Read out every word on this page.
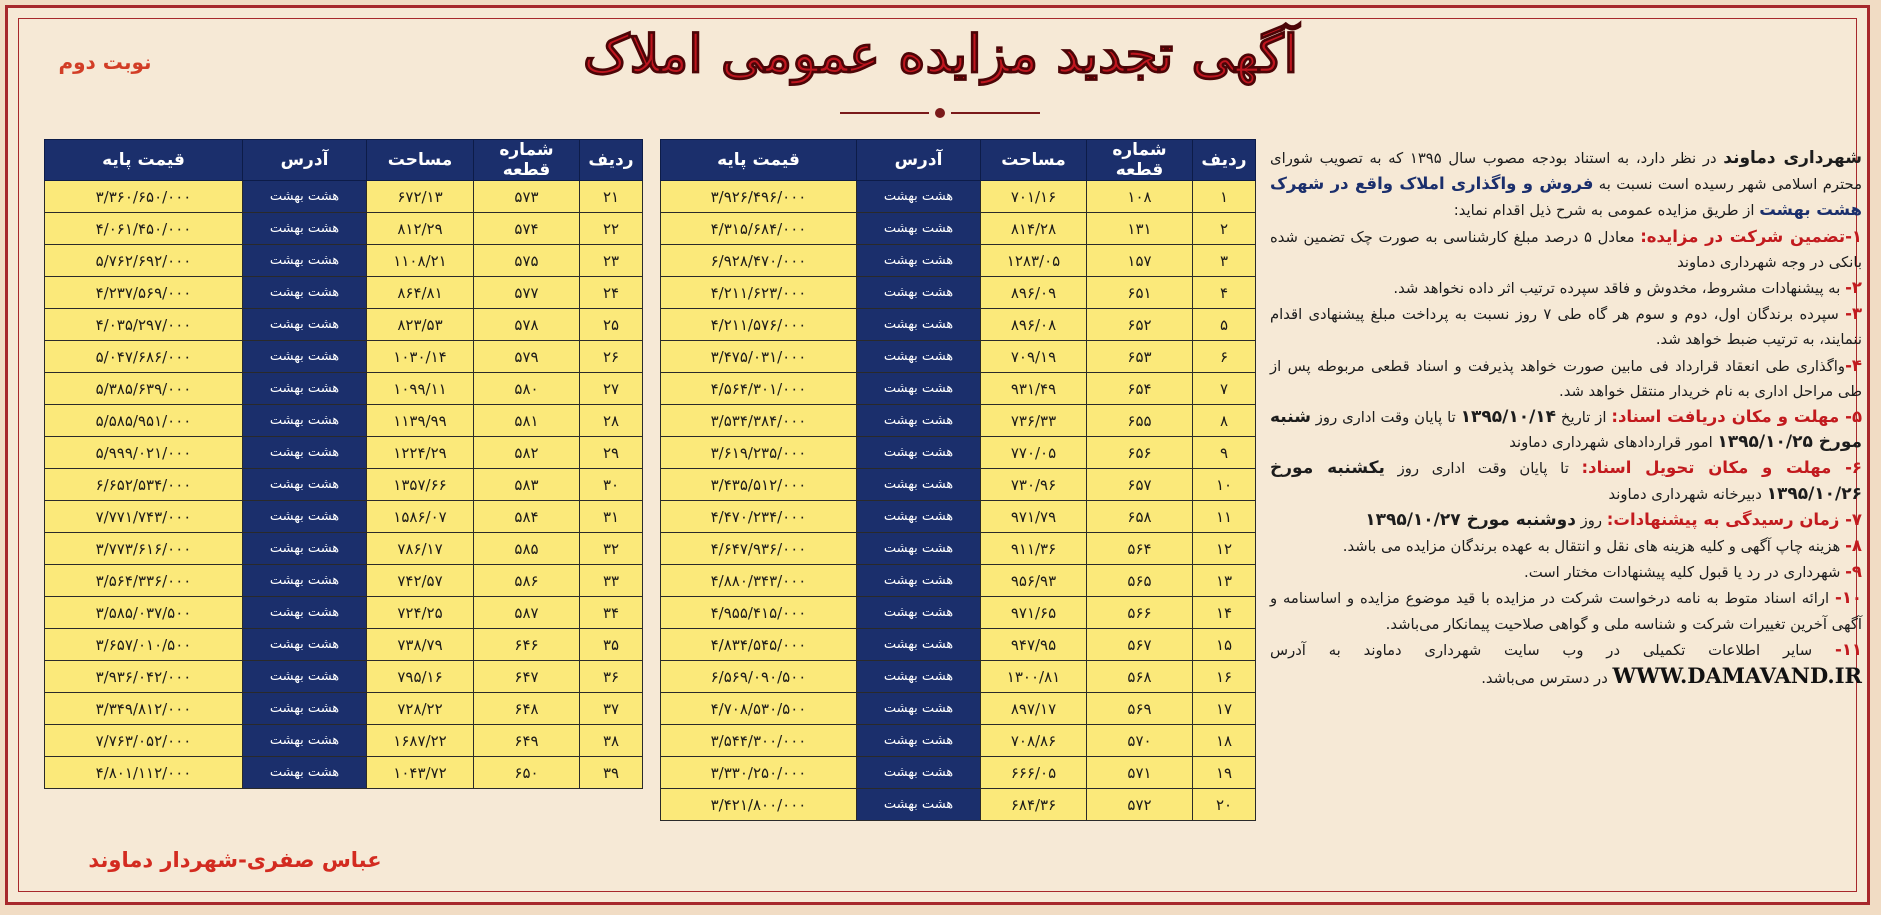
آگهی تجدید مزایده عمومی املاک
نوبت دوم
ردیف	شماره قطعه	مساحت	آدرس	قیمت پایه
۱	۱۰۸	۷۰۱/۱۶	هشت بهشت	۳/۹۲۶/۴۹۶/۰۰۰
۲	۱۳۱	۸۱۴/۲۸	هشت بهشت	۴/۳۱۵/۶۸۴/۰۰۰
۳	۱۵۷	۱۲۸۳/۰۵	هشت بهشت	۶/۹۲۸/۴۷۰/۰۰۰
۴	۶۵۱	۸۹۶/۰۹	هشت بهشت	۴/۲۱۱/۶۲۳/۰۰۰
۵	۶۵۲	۸۹۶/۰۸	هشت بهشت	۴/۲۱۱/۵۷۶/۰۰۰
۶	۶۵۳	۷۰۹/۱۹	هشت بهشت	۳/۴۷۵/۰۳۱/۰۰۰
۷	۶۵۴	۹۳۱/۴۹	هشت بهشت	۴/۵۶۴/۳۰۱/۰۰۰
۸	۶۵۵	۷۳۶/۳۳	هشت بهشت	۳/۵۳۴/۳۸۴/۰۰۰
۹	۶۵۶	۷۷۰/۰۵	هشت بهشت	۳/۶۱۹/۲۳۵/۰۰۰
۱۰	۶۵۷	۷۳۰/۹۶	هشت بهشت	۳/۴۳۵/۵۱۲/۰۰۰
۱۱	۶۵۸	۹۷۱/۷۹	هشت بهشت	۴/۴۷۰/۲۳۴/۰۰۰
۱۲	۵۶۴	۹۱۱/۳۶	هشت بهشت	۴/۶۴۷/۹۳۶/۰۰۰
۱۳	۵۶۵	۹۵۶/۹۳	هشت بهشت	۴/۸۸۰/۳۴۳/۰۰۰
۱۴	۵۶۶	۹۷۱/۶۵	هشت بهشت	۴/۹۵۵/۴۱۵/۰۰۰
۱۵	۵۶۷	۹۴۷/۹۵	هشت بهشت	۴/۸۳۴/۵۴۵/۰۰۰
۱۶	۵۶۸	۱۳۰۰/۸۱	هشت بهشت	۶/۵۶۹/۰۹۰/۵۰۰
۱۷	۵۶۹	۸۹۷/۱۷	هشت بهشت	۴/۷۰۸/۵۳۰/۵۰۰
۱۸	۵۷۰	۷۰۸/۸۶	هشت بهشت	۳/۵۴۴/۳۰۰/۰۰۰
۱۹	۵۷۱	۶۶۶/۰۵	هشت بهشت	۳/۳۳۰/۲۵۰/۰۰۰
۲۰	۵۷۲	۶۸۴/۳۶	هشت بهشت	۳/۴۲۱/۸۰۰/۰۰۰
ردیف	شماره قطعه	مساحت	آدرس	قیمت پایه
۲۱	۵۷۳	۶۷۲/۱۳	هشت بهشت	۳/۳۶۰/۶۵۰/۰۰۰
۲۲	۵۷۴	۸۱۲/۲۹	هشت بهشت	۴/۰۶۱/۴۵۰/۰۰۰
۲۳	۵۷۵	۱۱۰۸/۲۱	هشت بهشت	۵/۷۶۲/۶۹۲/۰۰۰
۲۴	۵۷۷	۸۶۴/۸۱	هشت بهشت	۴/۲۳۷/۵۶۹/۰۰۰
۲۵	۵۷۸	۸۲۳/۵۳	هشت بهشت	۴/۰۳۵/۲۹۷/۰۰۰
۲۶	۵۷۹	۱۰۳۰/۱۴	هشت بهشت	۵/۰۴۷/۶۸۶/۰۰۰
۲۷	۵۸۰	۱۰۹۹/۱۱	هشت بهشت	۵/۳۸۵/۶۳۹/۰۰۰
۲۸	۵۸۱	۱۱۳۹/۹۹	هشت بهشت	۵/۵۸۵/۹۵۱/۰۰۰
۲۹	۵۸۲	۱۲۲۴/۲۹	هشت بهشت	۵/۹۹۹/۰۲۱/۰۰۰
۳۰	۵۸۳	۱۳۵۷/۶۶	هشت بهشت	۶/۶۵۲/۵۳۴/۰۰۰
۳۱	۵۸۴	۱۵۸۶/۰۷	هشت بهشت	۷/۷۷۱/۷۴۳/۰۰۰
۳۲	۵۸۵	۷۸۶/۱۷	هشت بهشت	۳/۷۷۳/۶۱۶/۰۰۰
۳۳	۵۸۶	۷۴۲/۵۷	هشت بهشت	۳/۵۶۴/۳۳۶/۰۰۰
۳۴	۵۸۷	۷۲۴/۲۵	هشت بهشت	۳/۵۸۵/۰۳۷/۵۰۰
۳۵	۶۴۶	۷۳۸/۷۹	هشت بهشت	۳/۶۵۷/۰۱۰/۵۰۰
۳۶	۶۴۷	۷۹۵/۱۶	هشت بهشت	۳/۹۳۶/۰۴۲/۰۰۰
۳۷	۶۴۸	۷۲۸/۲۲	هشت بهشت	۳/۳۴۹/۸۱۲/۰۰۰
۳۸	۶۴۹	۱۶۸۷/۲۲	هشت بهشت	۷/۷۶۳/۰۵۲/۰۰۰
۳۹	۶۵۰	۱۰۴۳/۷۲	هشت بهشت	۴/۸۰۱/۱۱۲/۰۰۰
عباس صفری-شهردار دماوند

شهرداری دماوند در نظر دارد، به استناد بودجه مصوب سال ۱۳۹۵ که به تصویب شورای محترم اسلامی شهر رسیده است نسبت به فروش و واگذاری املاک واقع در شهرک هشت بهشت از طریق مزایده عمومی به شرح ذیل اقدام نماید:

۱-تضمین شرکت در مزایده: معادل ۵ درصد مبلغ کارشناسی به صورت چک تضمین شده بانکی در وجه شهرداری دماوند

۲- به پیشنهادات مشروط، مخدوش و فاقد سپرده ترتیب اثر داده نخواهد شد.

۳- سپرده برندگان اول، دوم و سوم هر گاه طی ۷ روز نسبت به پرداخت مبلغ پیشنهادی اقدام ننمایند، به ترتیب ضبط خواهد شد.

۴-واگذاری طی انعقاد قرارداد فی مابین صورت خواهد پذیرفت و اسناد قطعی مربوطه پس از طی مراحل اداری به نام خریدار منتقل خواهد شد.

۵- مهلت و مکان دریافت اسناد: از تاریخ ۱۳۹۵/۱۰/۱۴ تا پایان وقت اداری روز شنبه مورخ ۱۳۹۵/۱۰/۲۵ امور قراردادهای شهرداری دماوند

۶- مهلت و مکان تحویل اسناد: تا پایان وقت اداری روز یکشنبه مورخ ۱۳۹۵/۱۰/۲۶ دبیرخانه شهرداری دماوند

۷- زمان رسیدگی به پیشنهادات: روز دوشنبه مورخ ۱۳۹۵/۱۰/۲۷

۸- هزینه چاپ آگهی و کلیه هزینه های نقل و انتقال به عهده برندگان مزایده می باشد.

۹- شهرداری در رد یا قبول کلیه پیشنهادات مختار است.

۱۰- ارائه اسناد متوط به نامه درخواست شرکت در مزایده با قید موضوع مزایده و اساسنامه و آگهی آخرین تغییرات شرکت و شناسه ملی و گواهی صلاحیت پیمانکار می‌باشد.

۱۱- سایر اطلاعات تکمیلی در وب سایت شهرداری دماوند به آدرس WWW.DAMAVAND.IR در دسترس می‌باشد.
